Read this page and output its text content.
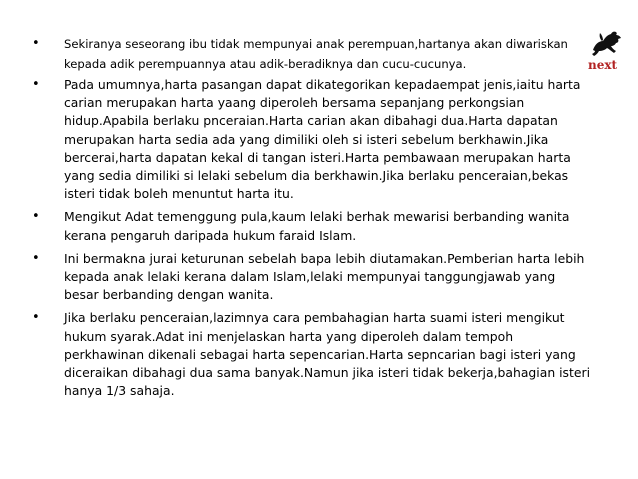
• Sekiranya seseorang ibu tidak mempunyai anak perempuan,hartanya akan diwariskan kepada adik perempuannya atau adik-beradiknya dan cucu-cucunya.
• Pada umumnya,harta pasangan dapat dikategorikan kepadaempat jenis,iaitu harta carian merupakan harta yaang diperoleh bersama sepanjang perkongsian hidup.Apabila berlaku pnceraian.Harta carian akan dibahagi dua.Harta dapatan merupakan harta sedia ada yang dimiliki oleh si isteri sebelum berkhawin.Jika bercerai,harta dapatan kekal di tangan isteri.Harta pembawaan merupakan harta yang sedia dimiliki si lelaki sebelum dia berkhawin.Jika berlaku penceraian,bekas isteri tidak boleh menuntut harta itu.
• Mengikut Adat temenggung pula,kaum lelaki berhak mewarisi berbanding wanita kerana pengaruh daripada hukum faraid Islam.
• Ini bermakna jurai keturunan sebelah bapa lebih diutamakan.Pemberian harta lebih kepada anak lelaki kerana dalam Islam,lelaki mempunyai tanggungjawab yang besar berbanding dengan wanita.
• Jika berlaku penceraian,lazimnya cara pembahagian harta suami isteri mengikut hukum syarak.Adat ini menjelaskan harta yang diperoleh dalam tempoh perkhawinan dikenali sebagai harta sepencarian.Harta sepncarian bagi isteri yang diceraikan dibahagi dua sama banyak.Namun jika isteri tidak bekerja,bahagian isteri hanya 1/3 sahaja.
next
